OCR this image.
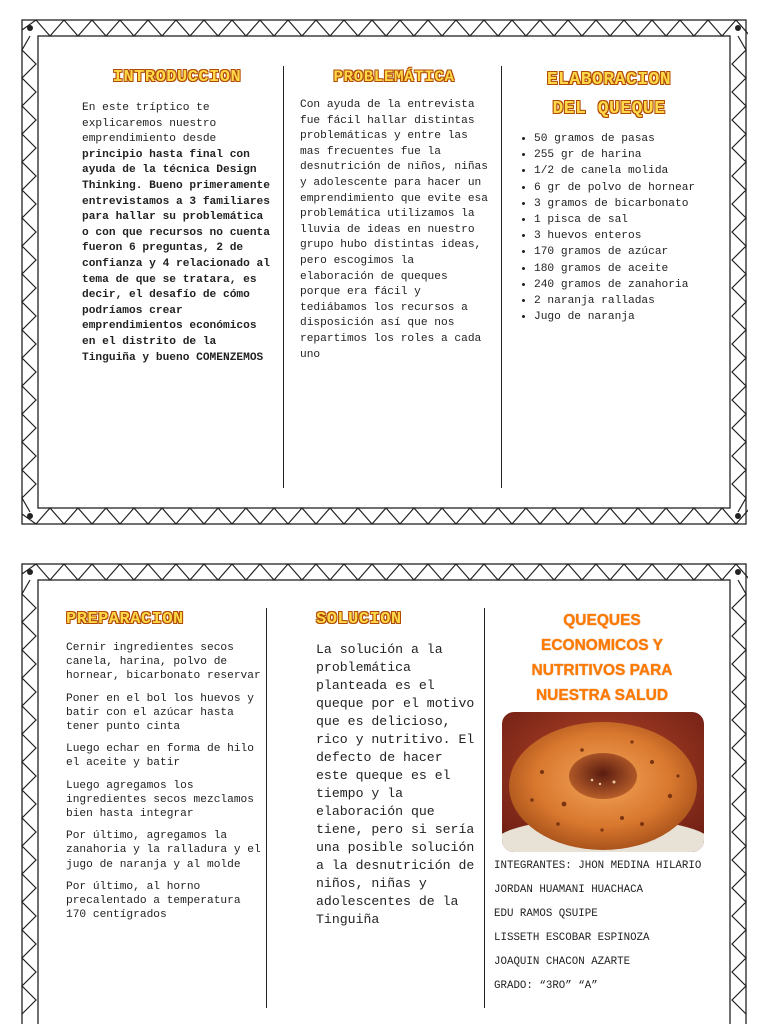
INTRODUCCION

En este tríptico te explicaremos nuestro emprendimiento desde principio hasta final con ayuda de la técnica Design Thinking. Bueno primeramente entrevistamos a 3 familiares para hallar su problemática o con que recursos no cuenta fueron 6 preguntas, 2 de confianza y 4 relacionado al tema de que se tratara, es decir, el desafío de cómo podríamos crear emprendimientos económicos en el distrito de la Tinguiña y bueno COMENZEMOS

PROBLEMÁTICA

Con ayuda de la entrevista fue fácil hallar distintas problemáticas y entre las mas frecuentes fue la desnutrición de niños, niñas y adolescente para hacer un emprendimiento que evite esa problemática utilizamos la lluvia de ideas en nuestro grupo hubo distintas ideas, pero escogimos la elaboración de queques porque era fácil y tediábamos los recursos a disposición así que nos repartimos los roles a cada uno

ELABORACION
DEL QUEQUE
• 50 gramos de pasas
• 255 gr de harina
• 1/2 de canela molida
• 6 gr de polvo de hornear
• 3 gramos de bicarbonato
• 1 pisca de sal
• 3 huevos enteros
• 170 gramos de azúcar
• 180 gramos de aceite
• 240 gramos de zanahoria
• 2 naranja ralladas
• Jugo de naranja
PREPARACION

Cernir ingredientes secos canela, harina, polvo de hornear, bicarbonato reservar

Poner en el bol los huevos y batir con el azúcar hasta tener punto cinta

Luego echar en forma de hilo el aceite y batir

Luego agregamos los ingredientes secos mezclamos bien hasta integrar

Por último, agregamos la zanahoria y la ralladura y el jugo de naranja y al molde

Por último, al horno precalentado a temperatura 170 centígrados

SOLUCION

La solución a la problemática planteada es el queque por el motivo que es delicioso, rico y nutritivo. El defecto de hacer este queque es el tiempo y la elaboración que tiene, pero si sería una posible solución a la desnutrición de niños, niñas y adolescentes de la Tinguiña

QUEQUES
ECONOMICOS Y
NUTRITIVOS PARA
NUESTRA SALUD

INTEGRANTES: JHON MEDINA HILARIO

JORDAN HUAMANI HUACHACA

EDU RAMOS QSUIPE

LISSETH ESCOBAR ESPINOZA

JOAQUIN CHACON AZARTE

GRADO: “3RO” “A”
